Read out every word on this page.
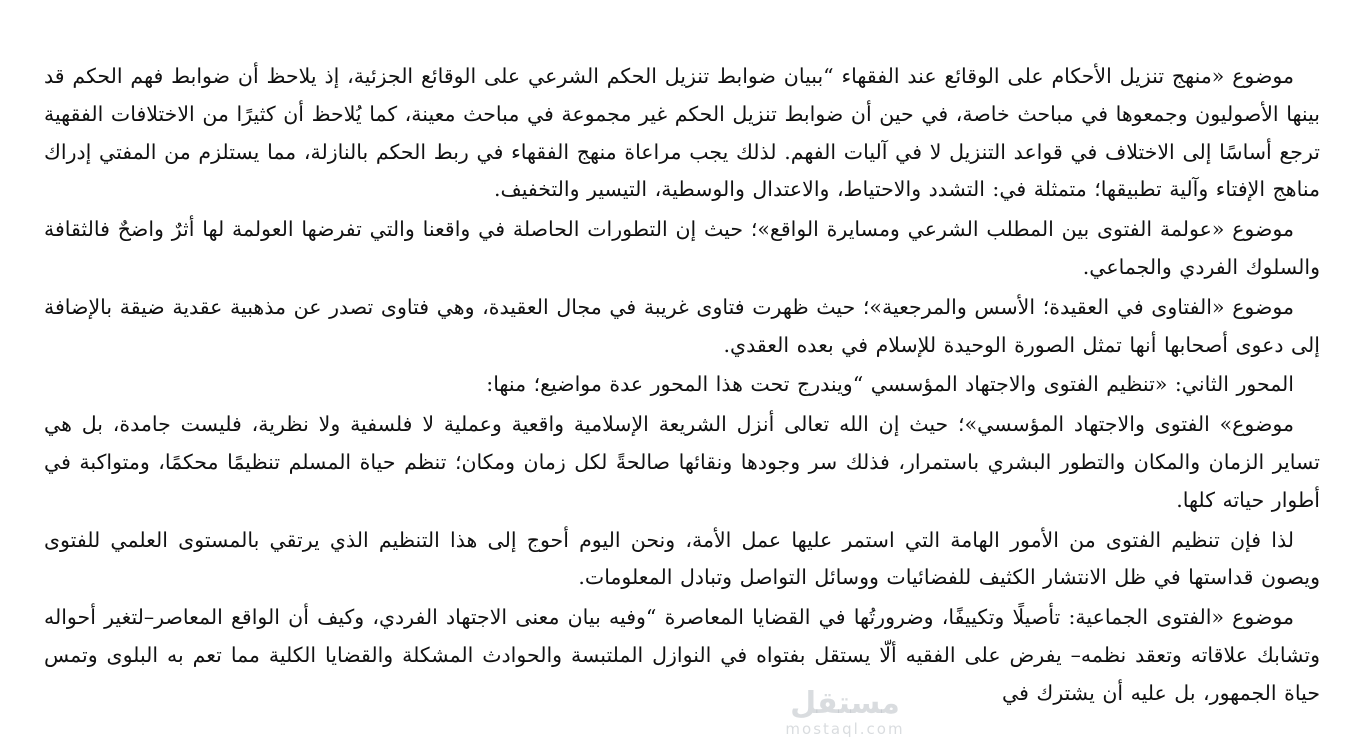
موضوع «منهج تنزيل الأحكام على الوقائع عند الفقهاء “ببيان ضوابط تنزيل الحكم الشرعي على الوقائع الجزئية، إذ يلاحظ أن ضوابط فهم الحكم قد بينها الأصوليون وجمعوها في مباحث خاصة، في حين أن ضوابط تنزيل الحكم غير مجموعة في مباحث معينة، كما يُلاحظ أن كثيرًا من الاختلافات الفقهية ترجع أساسًا إلى الاختلاف في قواعد التنزيل لا في آليات الفهم. لذلك يجب مراعاة منهج الفقهاء في ربط الحكم بالنازلة، مما يستلزم من المفتي إدراك مناهج الإفتاء وآلية تطبيقها؛ متمثلة في: التشدد والاحتياط، والاعتدال والوسطية، التيسير والتخفيف.

موضوع «عولمة الفتوى بين المطلب الشرعي ومسايرة الواقع»؛ حيث إن التطورات الحاصلة في واقعنا والتي تفرضها العولمة لها أثرٌ واضحٌ فالثقافة والسلوك الفردي والجماعي.

موضوع «الفتاوى في العقيدة؛ الأسس والمرجعية»؛ حيث ظهرت فتاوى غريبة في مجال العقيدة، وهي فتاوى تصدر عن مذهبية عقدية ضيقة بالإضافة إلى دعوى أصحابها أنها تمثل الصورة الوحيدة للإسلام في بعده العقدي.

المحور الثاني: «تنظيم الفتوى والاجتهاد المؤسسي “ويندرج تحت هذا المحور عدة مواضيع؛ منها:

موضوع» الفتوى والاجتهاد المؤسسي»؛ حيث إن الله تعالى أنزل الشريعة الإسلامية واقعية وعملية لا فلسفية ولا نظرية، فليست جامدة، بل هي تساير الزمان والمكان والتطور البشري باستمرار، فذلك سر وجودها ونقائها صالحةً لكل زمان ومكان؛ تنظم حياة المسلم تنظيمًا محكمًا، ومتواكبة في أطوار حياته كلها.

لذا فإن تنظيم الفتوى من الأمور الهامة التي استمر عليها عمل الأمة، ونحن اليوم أحوج إلى هذا التنظيم الذي يرتقي بالمستوى العلمي للفتوى ويصون قداستها في ظل الانتشار الكثيف للفضائيات ووسائل التواصل وتبادل المعلومات.

موضوع «الفتوى الجماعية: تأصيلًا وتكييفًا، وضرورتُها في القضايا المعاصرة “وفيه بيان معنى الاجتهاد الفردي، وكيف أن الواقع المعاصر–لتغير أحواله وتشابك علاقاته وتعقد نظمه– يفرض على الفقيه ألّا يستقل بفتواه في النوازل الملتبسة والحوادث المشكلة والقضايا الكلية مما تعم به البلوى وتمس حياة الجمهور، بل عليه أن يشترك في

مستقل
mostaql.com
